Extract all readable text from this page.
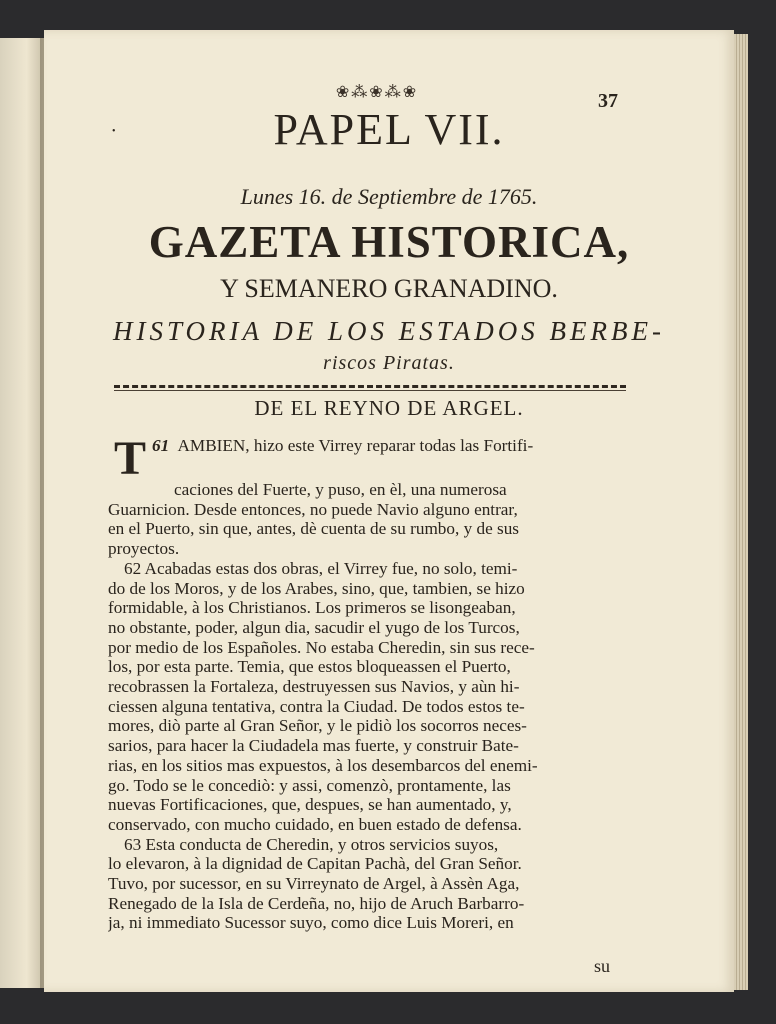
❀⁂❀⁂❀	37
•	PAPEL VII.
Lunes 16. de Septiembre de 1765.
GAZETA HISTORICA,
Y SEMANERO GRANADINO.
HISTORIA DE LOS ESTADOS BERBE-
riscos Piratas.
DE EL REYNO DE ARGEL.
61
T AMBIEN, hizo este Virrey reparar todas las Fortifi-
caciones del Fuerte, y puso, en èl, una numerosa
Guarnicion. Desde entonces, no puede Navio alguno entrar,
en el Puerto, sin que, antes, dè cuenta de su rumbo, y de sus
proyectos.
62 Acabadas estas dos obras, el Virrey fue, no solo, temi-
do de los Moros, y de los Arabes, sino, que, tambien, se hizo
formidable, à los Christianos. Los primeros se lisongeaban,
no obstante, poder, algun dia, sacudir el yugo de los Turcos,
por medio de los Españoles. No estaba Cheredin, sin sus rece-
los, por esta parte. Temia, que estos bloqueassen el Puerto,
recobrassen la Fortaleza, destruyessen sus Navios, y aùn hi-
ciessen alguna tentativa, contra la Ciudad. De todos estos te-
mores, diò parte al Gran Señor, y le pidiò los socorros neces-
sarios, para hacer la Ciudadela mas fuerte, y construir Bate-
rias, en los sitios mas expuestos, à los desembarcos del enemi-
go. Todo se le concediò: y assi, comenzò, prontamente, las
nuevas Fortificaciones, que, despues, se han aumentado, y,
conservado, con mucho cuidado, en buen estado de defensa.
63 Esta conducta de Cheredin, y otros servicios suyos,
lo elevaron, à la dignidad de Capitan Pachà, del Gran Señor.
Tuvo, por sucessor, en su Virreynato de Argel, à Assèn Aga,
Renegado de la Isla de Cerdeña, no, hijo de Aruch Barbarro-
ja, ni immediato Sucessor suyo, como dice Luis Moreri, en
su
